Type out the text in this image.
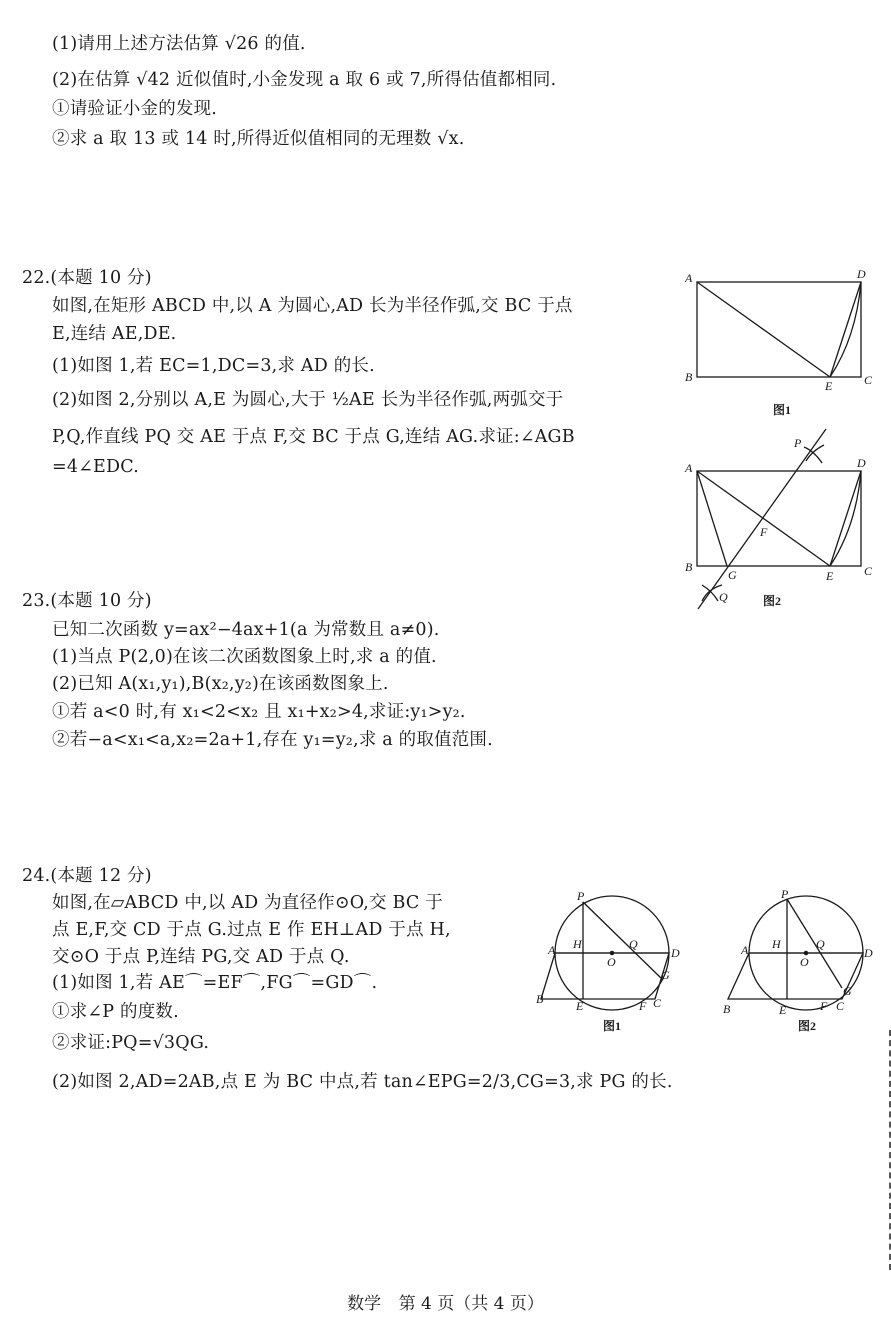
(1)请用上述方法估算 √26 的值.
(2)在估算 √42 近似值时,小金发现 a 取 6 或 7,所得估值都相同.
①请验证小金的发现.
②求 a 取 13 或 14 时,所得近似值相同的无理数 √x.
22.(本题 10 分)
如图,在矩形 ABCD 中,以 A 为圆心,AD 长为半径作弧,交 BC 于点
E,连结 AE,DE.
(1)如图 1,若 EC=1,DC=3,求 AD 的长.
(2)如图 2,分别以 A,E 为圆心,大于 ½AE 长为半径作弧,两弧交于
P,Q,作直线 PQ 交 AE 于点 F,交 BC 于点 G,连结 AG.求证:∠AGB
=4∠EDC.
A
B	C
D
E
图1
A
B	C
D
E
F
G
P
Q	图2
23.(本题 10 分)
已知二次函数 y=ax²−4ax+1(a 为常数且 a≠0).
(1)当点 P(2,0)在该二次函数图象上时,求 a 的值.
(2)已知 A(x₁,y₁),B(x₂,y₂)在该函数图象上.
①若 a<0 时,有 x₁<2<x₂ 且 x₁+x₂>4,求证:y₁>y₂.
②若−a<x₁<a,x₂=2a+1,存在 y₁=y₂,求 a 的取值范围.
24.(本题 12 分)
如图,在▱ABCD 中,以 AD 为直径作⊙O,交 BC 于
点 E,F,交 CD 于点 G.过点 E 作 EH⊥AD 于点 H,
交⊙O 于点 P,连结 PG,交 AD 于点 Q.
(1)如图 1,若 AE⌒=EF⌒,FG⌒=GD⌒.
①求∠P 的度数.
②求证:PQ=√3QG.
(2)如图 2,AD=2AB,点 E 为 BC 中点,若 tan∠EPG=2/3,CG=3,求 PG 的长.
P
A H
O
Q
D
G
B	E	F C
图1
P
A H
O
Q
D
G
B	E	F C
图2
数学 第 4 页（共 4 页）
